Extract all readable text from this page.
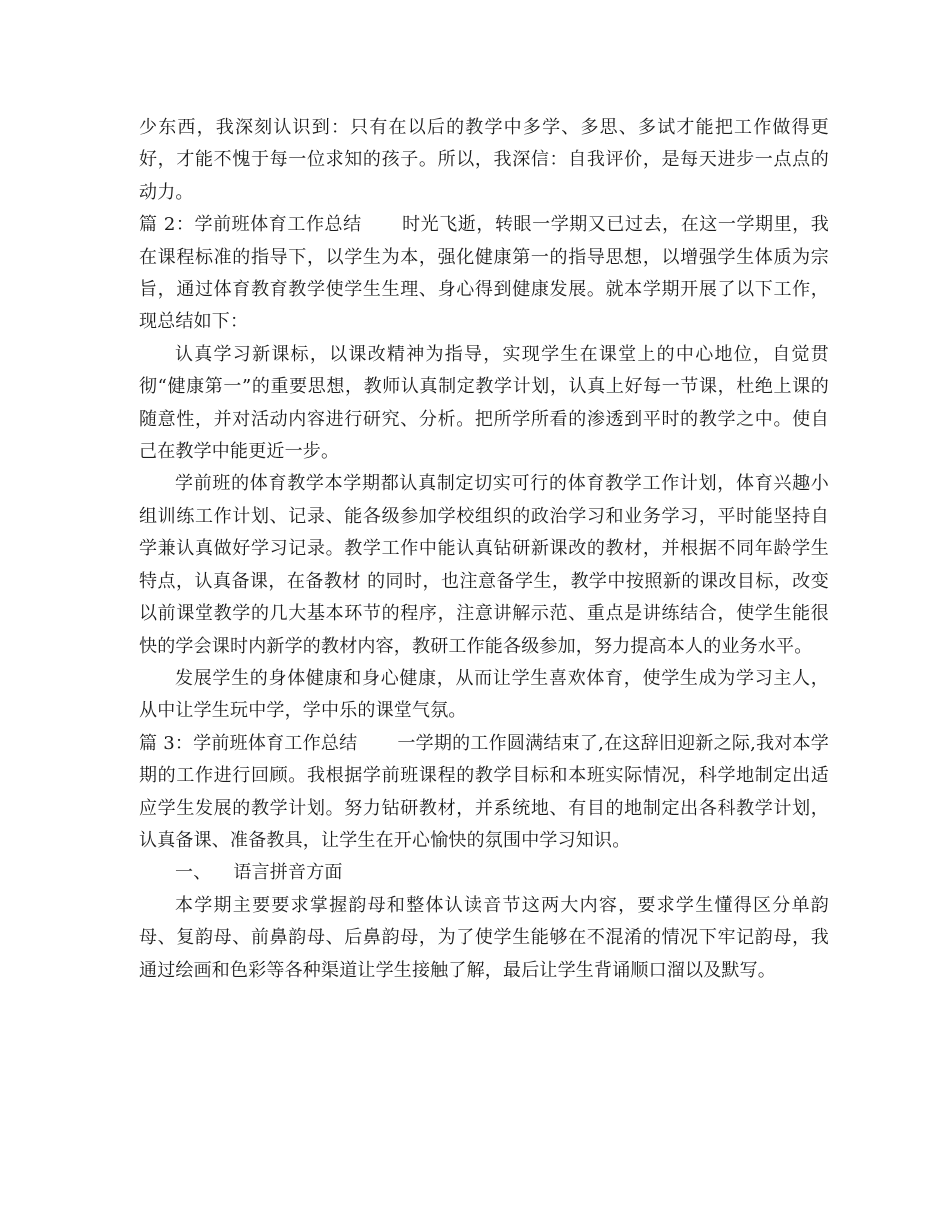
少东西，我深刻认识到：只有在以后的教学中多学、多思、多试才能把工作做得更好，才能不愧于每一位求知的孩子。所以，我深信：自我评价，是每天进步一点点的动力。

篇 2：学前班体育工作总结 时光飞逝，转眼一学期又已过去，在这一学期里，我在课程标准的指导下，以学生为本，强化健康第一的指导思想，以增强学生体质为宗旨，通过体育教育教学使学生生理、身心得到健康发展。就本学期开展了以下工作，现总结如下：

认真学习新课标，以课改精神为指导，实现学生在课堂上的中心地位，自觉贯彻“健康第一”的重要思想，教师认真制定教学计划，认真上好每一节课，杜绝上课的随意性，并对活动内容进行研究、分析。把所学所看的渗透到平时的教学之中。使自己在教学中能更近一步。

学前班的体育教学本学期都认真制定切实可行的体育教学工作计划，体育兴趣小组训练工作计划、记录、能各级参加学校组织的政治学习和业务学习，平时能坚持自学兼认真做好学习记录。教学工作中能认真钻研新课改的教材，并根据不同年龄学生特点，认真备课，在备教材 的同时，也注意备学生，教学中按照新的课改目标，改变以前课堂教学的几大基本环节的程序，注意讲解示范、重点是讲练结合，使学生能很快的学会课时内新学的教材内容，教研工作能各级参加，努力提高本人的业务水平。

发展学生的身体健康和身心健康，从而让学生喜欢体育，使学生成为学习主人，从中让学生玩中学，学中乐的课堂气氛。

篇 3：学前班体育工作总结 一学期的工作圆满结束了,在这辞旧迎新之际,我对本学期的工作进行回顾。我根据学前班课程的教学目标和本班实际情况，科学地制定出适应学生发展的教学计划。努力钻研教材，并系统地、有目的地制定出各科教学计划，认真备课、准备教具，让学生在开心愉快的氛围中学习知识。

一、 语言拼音方面

本学期主要要求掌握韵母和整体认读音节这两大内容，要求学生懂得区分单韵母、复韵母、前鼻韵母、后鼻韵母，为了使学生能够在不混淆的情况下牢记韵母，我通过绘画和色彩等各种渠道让学生接触了解，最后让学生背诵顺口溜以及默写。
